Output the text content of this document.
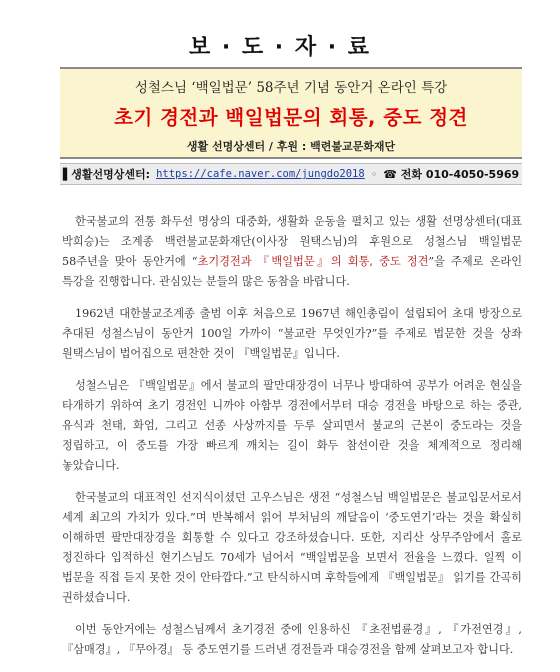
보 · 도 · 자 · 료
성철스님 ‘백일법문’ 58주년 기념 동안거 온라인 특강
초기 경전과 백일법문의 회통, 중도 정견
생활 선명상센터 / 후원 : 백련불교문화재단
▌생활선명상센터: https://cafe.naver.com/jungdo2018 ◦ ☎ 전화 010-4050-5969

한국불교의 전통 화두선 명상의 대중화, 생활화 운동을 펼치고 있는 생활 선명상센터(대표 박희승)는 조계종 백련불교문화재단(이사장 원택스님)의 후원으로 성철스님 백일법문 58주년을 맞아 동안거에 “초기경전과 『백일법문』의 회통, 중도 정견”을 주제로 온라인 특강을 진행합니다. 관심있는 분들의 많은 동참을 바랍니다.

1962년 대한불교조계종 출범 이후 처음으로 1967년 해인총림이 설립되어 초대 방장으로 추대된 성철스님이 동안거 100일 가까이 “불교란 무엇인가?”를 주제로 법문한 것을 상좌 원택스님이 법어집으로 편찬한 것이 『백일법문』입니다.

성철스님은 『백일법문』에서 불교의 팔만대장경이 너무나 방대하여 공부가 어려운 현실을 타개하기 위하여 초기 경전인 니까야 아함부 경전에서부터 대승 경전을 바탕으로 하는 중관, 유식과 천태, 화엄, 그리고 선종 사상까지를 두루 살피면서 불교의 근본이 중도라는 것을 정립하고, 이 중도를 가장 빠르게 깨치는 길이 화두 참선이란 것을 체계적으로 정리해 놓았습니다.

한국불교의 대표적인 선지식이셨던 고우스님은 생전 “성철스님 백일법문은 불교입문서로서 세계 최고의 가치가 있다.”며 반복해서 읽어 부처님의 깨달음이 ‘중도연기’라는 것을 확실히 이해하면 팔만대장경을 회통할 수 있다고 강조하셨습니다. 또한, 지리산 상무주암에서 홀로 정진하다 입적하신 현기스님도 70세가 넘어서 “백일법문을 보면서 전율을 느꼈다. 일찍 이 법문을 직접 듣지 못한 것이 안타깝다.”고 탄식하시며 후학들에게 『백일법문』 읽기를 간곡히 권하셨습니다.

이번 동안거에는 성철스님께서 초기경전 중에 인용하신 『초전법륜경』, 『가전연경』, 『삼매경』, 『무아경』 등 중도연기를 드러낸 경전들과 대승경전을 함께 살펴보고자 합니다.
